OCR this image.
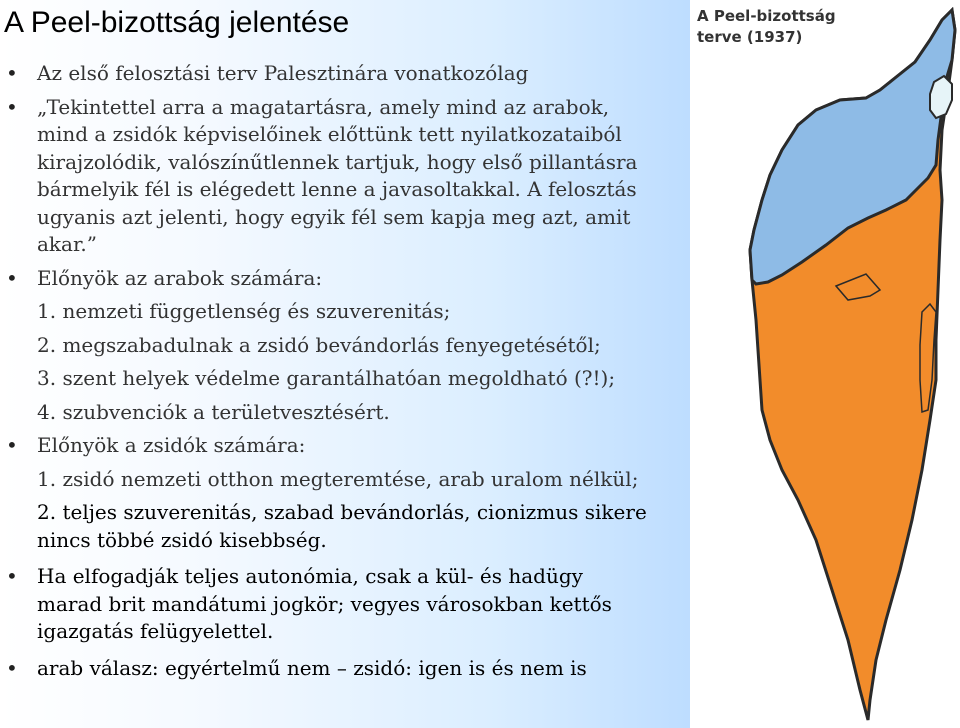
A Peel-bizottság jelentése

• Az első felosztási terv Palesztinára vonatkozólag

• „Tekintettel arra a magatartásra, amely mind az arabok,

mind a zsidók képviselőinek előttünk tett nyilatkozataiból

kirajzolódik, valószínűtlennek tartjuk, hogy első pillantásra

bármelyik fél is elégedett lenne a javasoltakkal. A felosztás

ugyanis azt jelenti, hogy egyik fél sem kapja meg azt, amit

akar.”

• Előnyök az arabok számára:

1. nemzeti függetlenség és szuverenitás;

2. megszabadulnak a zsidó bevándorlás fenyegetésétől;

3. szent helyek védelme garantálhatóan megoldható (?!);

4. szubvenciók a területvesztésért.

• Előnyök a zsidók számára:

1. zsidó nemzeti otthon megteremtése, arab uralom nélkül;

2. teljes szuverenitás, szabad bevándorlás, cionizmus sikere

nincs többé zsidó kisebbség.

• Ha elfogadják teljes autonómia, csak a kül- és hadügy

marad brit mandátumi jogkör; vegyes városokban kettős

igazgatás felügyelettel.

• arab válasz: egyértelmű nem – zsidó: igen is és nem is

A Peel-bizottság
terve (1937)
